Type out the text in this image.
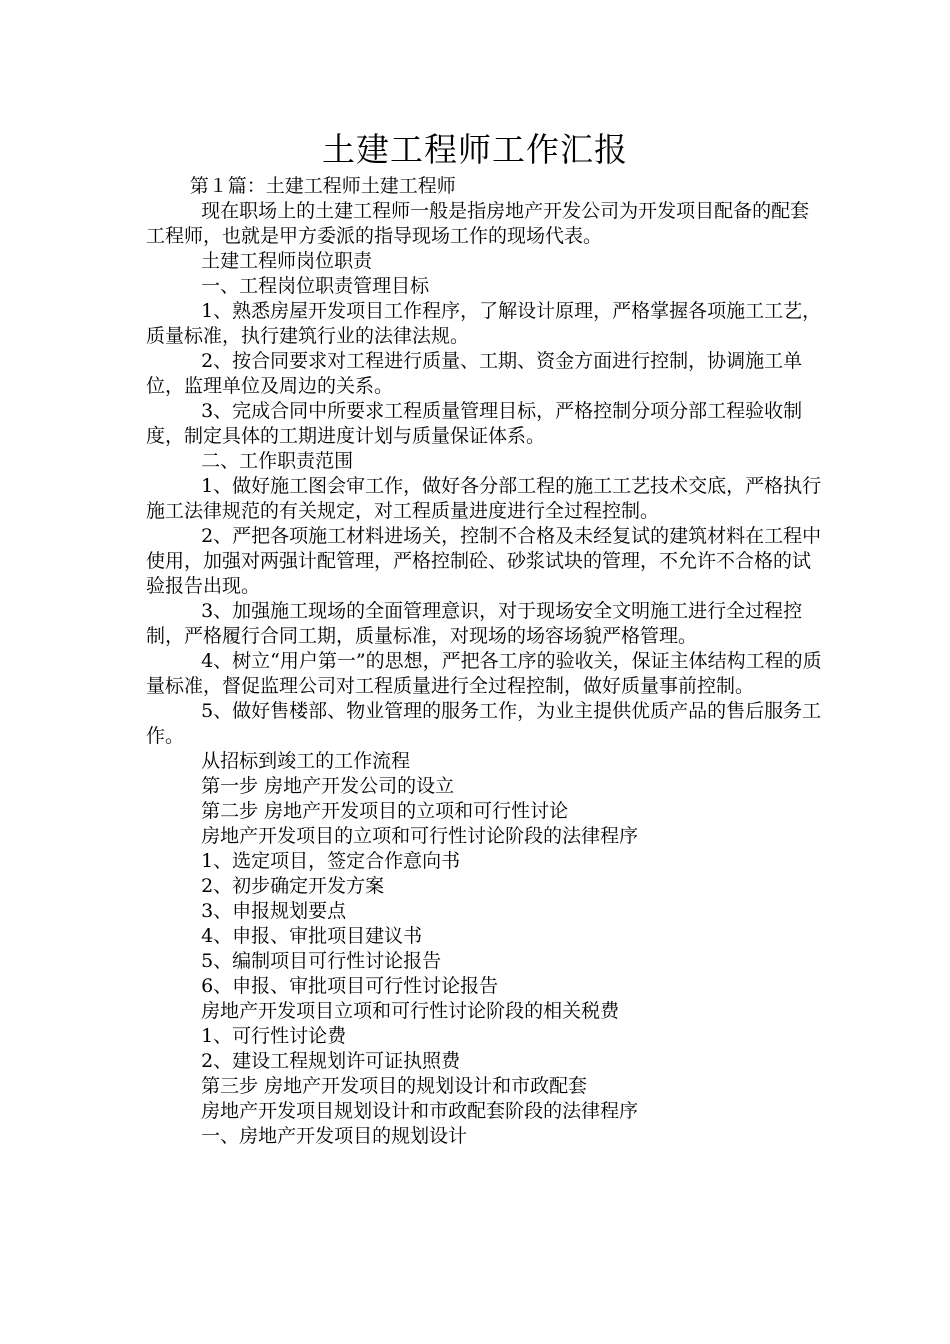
土建工程师工作汇报

第１篇：土建工程师土建工程师

现在职场上的土建工程师一般是指房地产开发公司为开发项目配备的配套工程师，也就是甲方委派的指导现场工作的现场代表。

土建工程师岗位职责

一、工程岗位职责管理目标

1、熟悉房屋开发项目工作程序，了解设计原理，严格掌握各项施工工艺，质量标准，执行建筑行业的法律法规。

2、按合同要求对工程进行质量、工期、资金方面进行控制，协调施工单位，监理单位及周边的关系。

3、完成合同中所要求工程质量管理目标，严格控制分项分部工程验收制度，制定具体的工期进度计划与质量保证体系。

二、工作职责范围

1、做好施工图会审工作，做好各分部工程的施工工艺技术交底，严格执行施工法律规范的有关规定，对工程质量进度进行全过程控制。

2、严把各项施工材料进场关，控制不合格及未经复试的建筑材料在工程中使用，加强对两强计配管理，严格控制砼、砂浆试块的管理，不允许不合格的试验报告出现。

3、加强施工现场的全面管理意识，对于现场安全文明施工进行全过程控制，严格履行合同工期，质量标准，对现场的场容场貌严格管理。

4、树立“用户第一”的思想，严把各工序的验收关，保证主体结构工程的质量标准，督促监理公司对工程质量进行全过程控制，做好质量事前控制。

5、做好售楼部、物业管理的服务工作，为业主提供优质产品的售后服务工作。

从招标到竣工的工作流程

第一步 房地产开发公司的设立

第二步 房地产开发项目的立项和可行性讨论

房地产开发项目的立项和可行性讨论阶段的法律程序

1、选定项目，签定合作意向书

2、初步确定开发方案

3、申报规划要点

4、申报、审批项目建议书

5、编制项目可行性讨论报告

6、申报、审批项目可行性讨论报告

房地产开发项目立项和可行性讨论阶段的相关税费

1、可行性讨论费

2、建设工程规划许可证执照费

第三步 房地产开发项目的规划设计和市政配套

房地产开发项目规划设计和市政配套阶段的法律程序

一、房地产开发项目的规划设计
